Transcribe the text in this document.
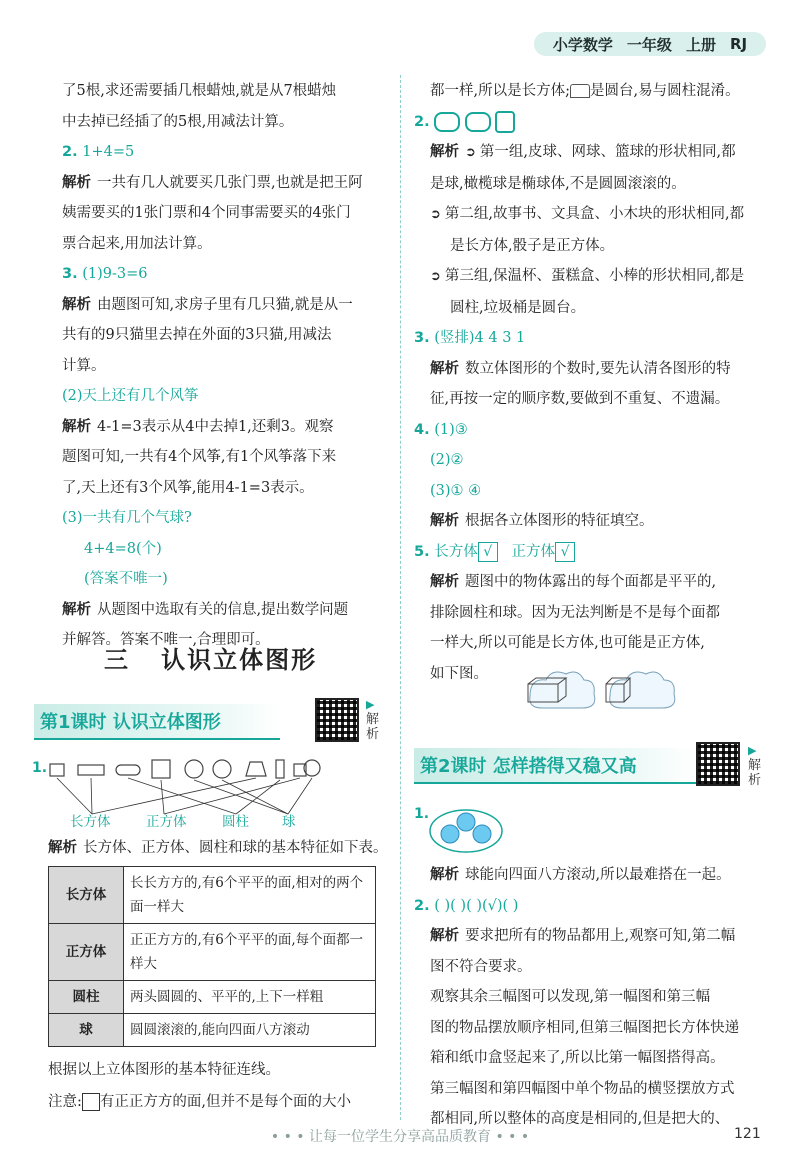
小学数学 一年级 上册 RJ

了5根,求还需要插几根蜡烛,就是从7根蜡烛

中去掉已经插了的5根,用减法计算。

2. 1+4=5

解析 一共有几人就要买几张门票,也就是把王阿

姨需要买的1张门票和4个同事需要买的4张门

票合起来,用加法计算。

3. (1)9-3=6

解析 由题图可知,求房子里有几只猫,就是从一

共有的9只猫里去掉在外面的3只猫,用减法

计算。

(2)天上还有几个风筝

解析 4-1=3表示从4中去掉1,还剩3。观察

题图可知,一共有4个风筝,有1个风筝落下来

了,天上还有3个风筝,能用4-1=3表示。

(3)一共有几个气球?

4+4=8(个)

(答案不唯一)

解析 从题图中选取有关的信息,提出数学问题

并解答。答案不唯一,合理即可。

三 认识立体图形
第1课时 认识立体图形	解析
▶
1.
长方体	正方体	圆柱 球

解析 长方体、正方体、圆柱和球的基本特征如下表。

长方体	长长方方的,有6个平平的面,相对的两个面一样大
正方体	正正方方的,有6个平平的面,每个面都一样大
圆柱	两头圆圆的、平平的,上下一样粗
球	圆圆滚滚的,能向四面八方滚动

根据以上立体图形的基本特征连线。

注意: 有正正方方的面,但并不是每个面的大小

都一样,所以是长方体; 是圆台,易与圆柱混淆。

2.

解析 ➲ 第一组,皮球、网球、篮球的形状相同,都

是球,橄榄球是椭球体,不是圆圆滚滚的。

➲ 第二组,故事书、文具盒、小木块的形状相同,都

是长方体,骰子是正方体。

➲ 第三组,保温杯、蛋糕盒、小棒的形状相同,都是

圆柱,垃圾桶是圆台。

3. (竖排)4 4 3 1

解析 数立体图形的个数时,要先认清各图形的特

征,再按一定的顺序数,要做到不重复、不遗漏。

4. (1)③

(2)②

(3)① ④

解析 根据各立体图形的特征填空。

5. 长方体 √ 正方体 √

解析 题图中的物体露出的每个面都是平平的,

排除圆柱和球。因为无法判断是不是每个面都

一样大,所以可能是长方体,也可能是正方体,

如下图。

第2课时 怎样搭得又稳又高	解析
▶
1.

解析 球能向四面八方滚动,所以最难搭在一起。

2. ( )( )( )(√)( )

解析 要求把所有的物品都用上,观察可知,第二幅

图不符合要求。

观察其余三幅图可以发现,第一幅图和第三幅

图的物品摆放顺序相同,但第三幅图把长方体快递

箱和纸巾盒竖起来了,所以比第一幅图搭得高。

第三幅图和第四幅图中单个物品的横竖摆放方式

都相同,所以整体的高度是相同的,但是把大的、

• • • 让每一位学生分享高品质教育 • • •	121
